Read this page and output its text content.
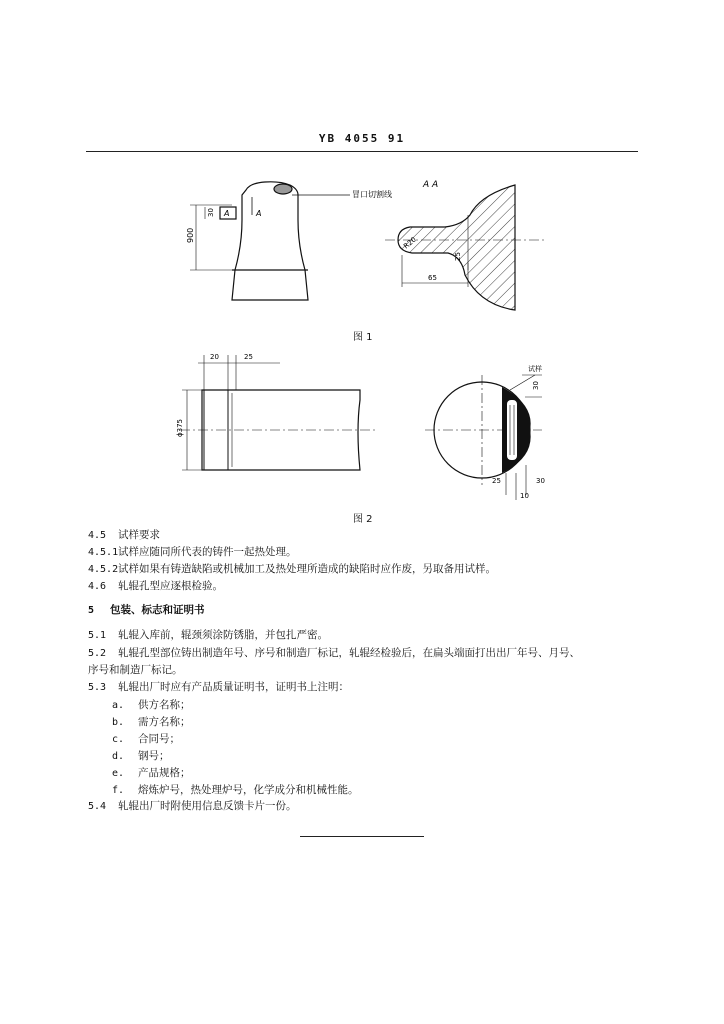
YB 4055 91
冒口切割线
A	A
30
900
A A
R20
25
65
图 1
20	25
ϕ375
试样
30
25
10
30
图 2
4.5 试样要求
4.5.1试样应随同所代表的铸件一起热处理。
4.5.2试样如果有铸造缺陷或机械加工及热处理所造成的缺陷时应作废，另取备用试样。
4.6 轧辊孔型应逐根检验。
5 包装、标志和证明书
5.1 轧辊入库前，辊颈须涂防锈脂，并包扎严密。
5.2 轧辊孔型部位铸出制造年号、序号和制造厂标记，轧辊经检验后，在扁头端面打出出厂年号、月号、
序号和制造厂标记。
5.3 轧辊出厂时应有产品质量证明书，证明书上注明：
a. 供方名称；
b. 需方名称；
c. 合同号；
d. 钢号；
e. 产品规格；
f. 熔炼炉号，热处理炉号，化学成分和机械性能。
5.4 轧辊出厂时附使用信息反馈卡片一份。
